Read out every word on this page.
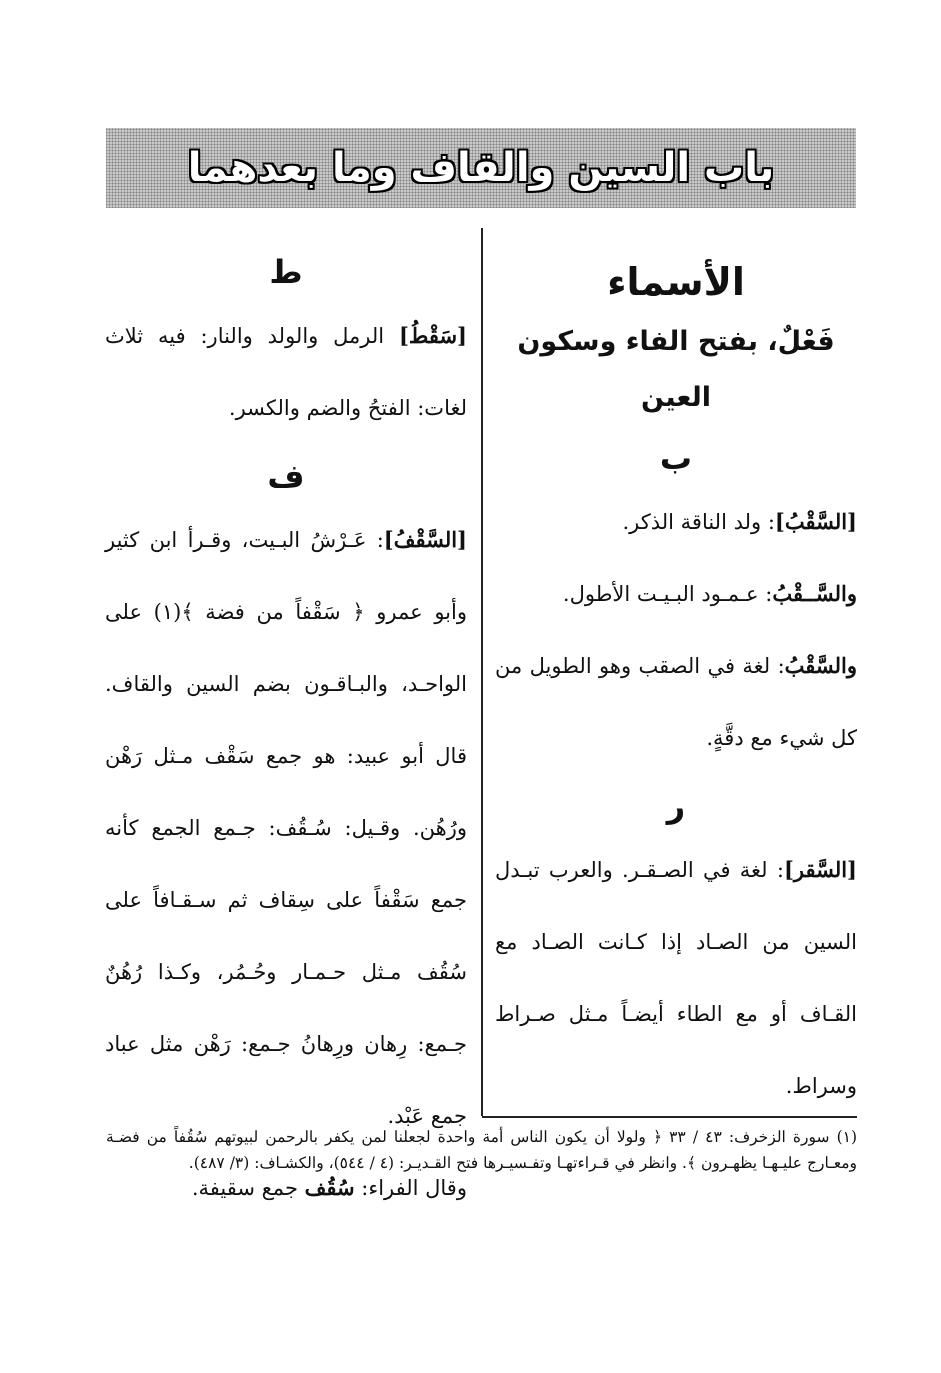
باب السين والقاف وما بعدهما
الأسماء
فَعْلٌ، بفتح الفاء وسكون العين
ب

[السَّقْبُ]: ولد الناقة الذكر.

والسَّــقْبُ: عـمـود البـيـت الأطول.

والسَّقْبُ: لغة في الصقب وهو الطويل من كل شيء مع دقَّةٍ.

ر

[السَّقر]: لغة في الصـقـر. والعرب تبـدل السين من الصـاد إذا كـانت الصـاد مع القـاف أو مع الطاء أيضـاً مـثل صـراط وسراط.

ط

[سَقْطُ] الرمل والولد والنار: فيه ثلاث لغات: الفتحُ والضم والكسر.

ف

[السَّقْفُ]: عَـرْشُ البـيت، وقـرأ ابن كثير وأبو عمرو ﴿ سَقْفاً من فضة ﴾(١) على الواحـد، والبـاقـون بضم السين والقاف. قال أبو عبيد: هو جمع سَقْف مـثل رَهْن ورُهُن. وقـيل: سُـقُف: جـمع الجمع كأنه جمع سَقْفاً على سِقاف ثم سـقـافاً على سُقُف مـثل حـمـار وحُـمُر، وكـذا رُهُنٌ جـمع: رِهان ورِهانُ جـمع: رَهْن مثل عباد جمع عَبْد.

وقال الفراء: سُقُف جمع سقيفة.

(١) سورة الزخرف: ٤٣ / ٣٣ ﴿ ولولا أن يكون الناس أمة واحدة لجعلنا لمن يكفر بالرحمن لبيوتهم سُقُفاً من فضـة ومعـارج عليـهـا يظهـرون ﴾. وانظر في قـراءتهـا وتفـسيـرها فتح القـديـر: (٤ / ٥٤٤)، والكشـاف: (٣/ ٤٨٧).
